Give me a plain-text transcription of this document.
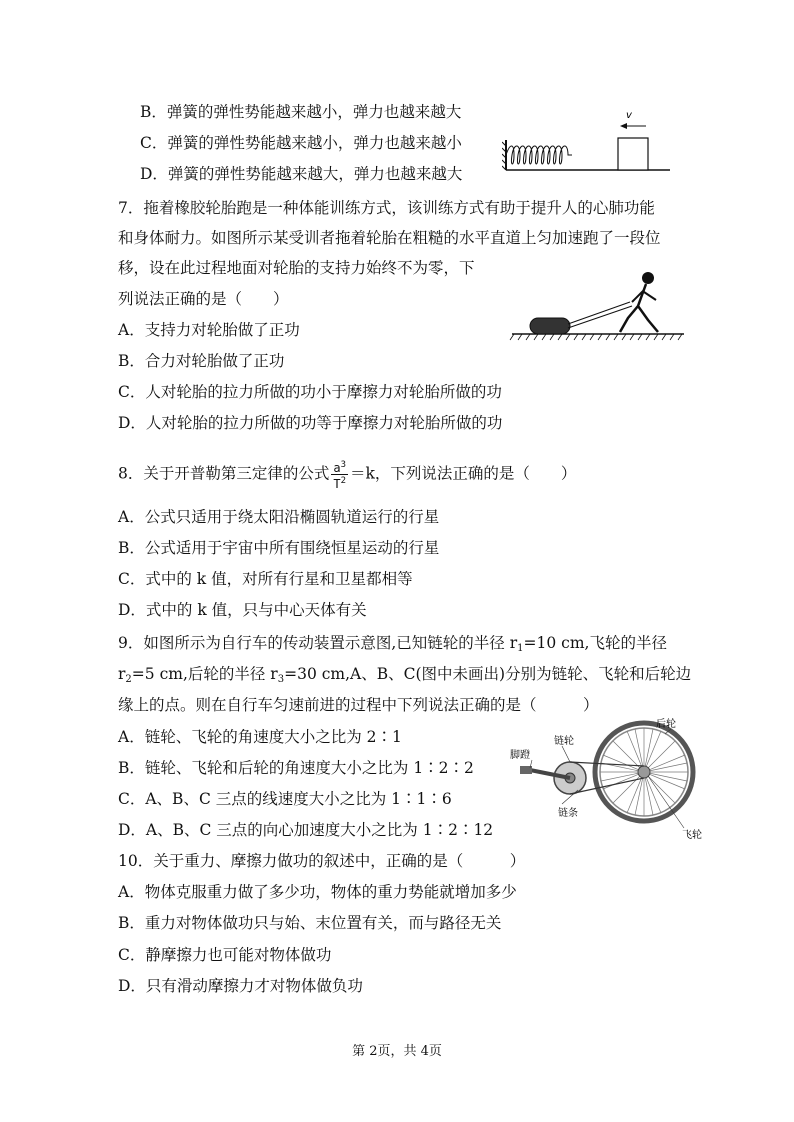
B．弹簧的弹性势能越来越小，弹力也越来越大
C．弹簧的弹性势能越来越小，弹力也越来越小
D．弹簧的弹性势能越来越大，弹力也越来越大
v
7．拖着橡胶轮胎跑是一种体能训练方式，该训练方式有助于提升人的心肺功能
和身体耐力。如图所示某受训者拖着轮胎在粗糙的水平直道上匀加速跑了一段位
移，设在此过程地面对轮胎的支持力始终不为零，下
列说法正确的是（　　）
A．支持力对轮胎做了正功
B．合力对轮胎做了正功
C．人对轮胎的拉力所做的功小于摩擦力对轮胎所做的功
D．人对轮胎的拉力所做的功等于摩擦力对轮胎所做的功
8．关于开普勒第三定律的公式 $\frac{a^3}{T^2} =k$，下列说法正确的是（　　）
A．公式只适用于绕太阳沿椭圆轨道运行的行星
B．公式适用于宇宙中所有围绕恒星运动的行星
C．式中的 k 值，对所有行星和卫星都相等
D．式中的 k 值，只与中心天体有关
9．如图所示为自行车的传动装置示意图,已知链轮的半径 $r_1=10$ cm,飞轮的半径
$r_2=5$ cm,后轮的半径 $r_3=30$ cm,A、B、C(图中未画出)分别为链轮、飞轮和后轮边
缘上的点。则在自行车匀速前进的过程中下列说法正确的是（　　　）
A．链轮、飞轮的角速度大小之比为 2∶1
B．链轮、飞轮和后轮的角速度大小之比为 1∶2∶2
C．A、B、C 三点的线速度大小之比为 1∶1∶6
D．A、B、C 三点的向心加速度大小之比为 1∶2∶12
后轮
脚蹬
链轮
链条
飞轮
10．关于重力、摩擦力做功的叙述中，正确的是（　　　）
A．物体克服重力做了多少功，物体的重力势能就增加多少
B．重力对物体做功只与始、末位置有关，而与路径无关
C．静摩擦力也可能对物体做功
D．只有滑动摩擦力才对物体做负功
第 2页，共 4页
